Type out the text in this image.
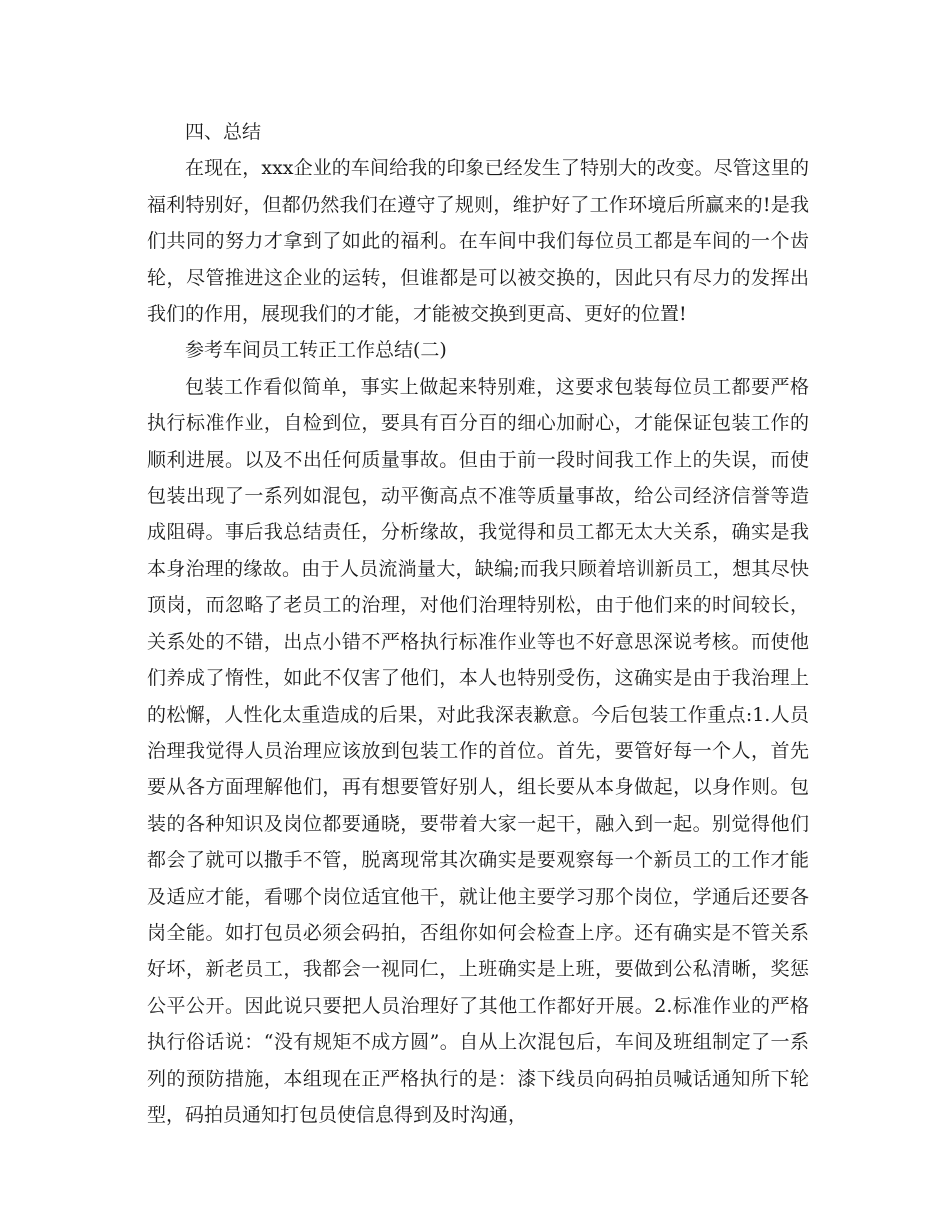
四、总结

在现在，xxx企业的车间给我的印象已经发生了特别大的改变。尽管这里的福利特别好，但都仍然我们在遵守了规则，维护好了工作环境后所赢来的!是我们共同的努力才拿到了如此的福利。在车间中我们每位员工都是车间的一个齿轮，尽管推进这企业的运转，但谁都是可以被交换的，因此只有尽力的发挥出我们的作用，展现我们的才能，才能被交换到更高、更好的位置!

参考车间员工转正工作总结(二)

包装工作看似简单，事实上做起来特别难，这要求包装每位员工都要严格执行标准作业，自检到位，要具有百分百的细心加耐心，才能保证包装工作的顺利进展。以及不出任何质量事故。但由于前一段时间我工作上的失误，而使包装出现了一系列如混包，动平衡高点不准等质量事故，给公司经济信誉等造成阻碍。事后我总结责任，分析缘故，我觉得和员工都无太大关系，确实是我本身治理的缘故。由于人员流淌量大，缺编;而我只顾着培训新员工，想其尽快顶岗，而忽略了老员工的治理，对他们治理特别松，由于他们来的时间较长，关系处的不错，出点小错不严格执行标准作业等也不好意思深说考核。而使他们养成了惰性，如此不仅害了他们，本人也特别受伤，这确实是由于我治理上的松懈，人性化太重造成的后果，对此我深表歉意。今后包装工作重点:1.人员治理我觉得人员治理应该放到包装工作的首位。首先，要管好每一个人，首先要从各方面理解他们，再有想要管好别人，组长要从本身做起，以身作则。包装的各种知识及岗位都要通晓，要带着大家一起干，融入到一起。别觉得他们都会了就可以撒手不管，脱离现常其次确实是要观察每一个新员工的工作才能及适应才能，看哪个岗位适宜他干，就让他主要学习那个岗位，学通后还要各岗全能。如打包员必须会码拍，否组你如何会检查上序。还有确实是不管关系好坏，新老员工，我都会一视同仁，上班确实是上班，要做到公私清晰，奖惩公平公开。因此说只要把人员治理好了其他工作都好开展。2.标准作业的严格执行俗话说：“没有规矩不成方圆”。自从上次混包后，车间及班组制定了一系列的预防措施，本组现在正严格执行的是：漆下线员向码拍员喊话通知所下轮型，码拍员通知打包员使信息得到及时沟通，
